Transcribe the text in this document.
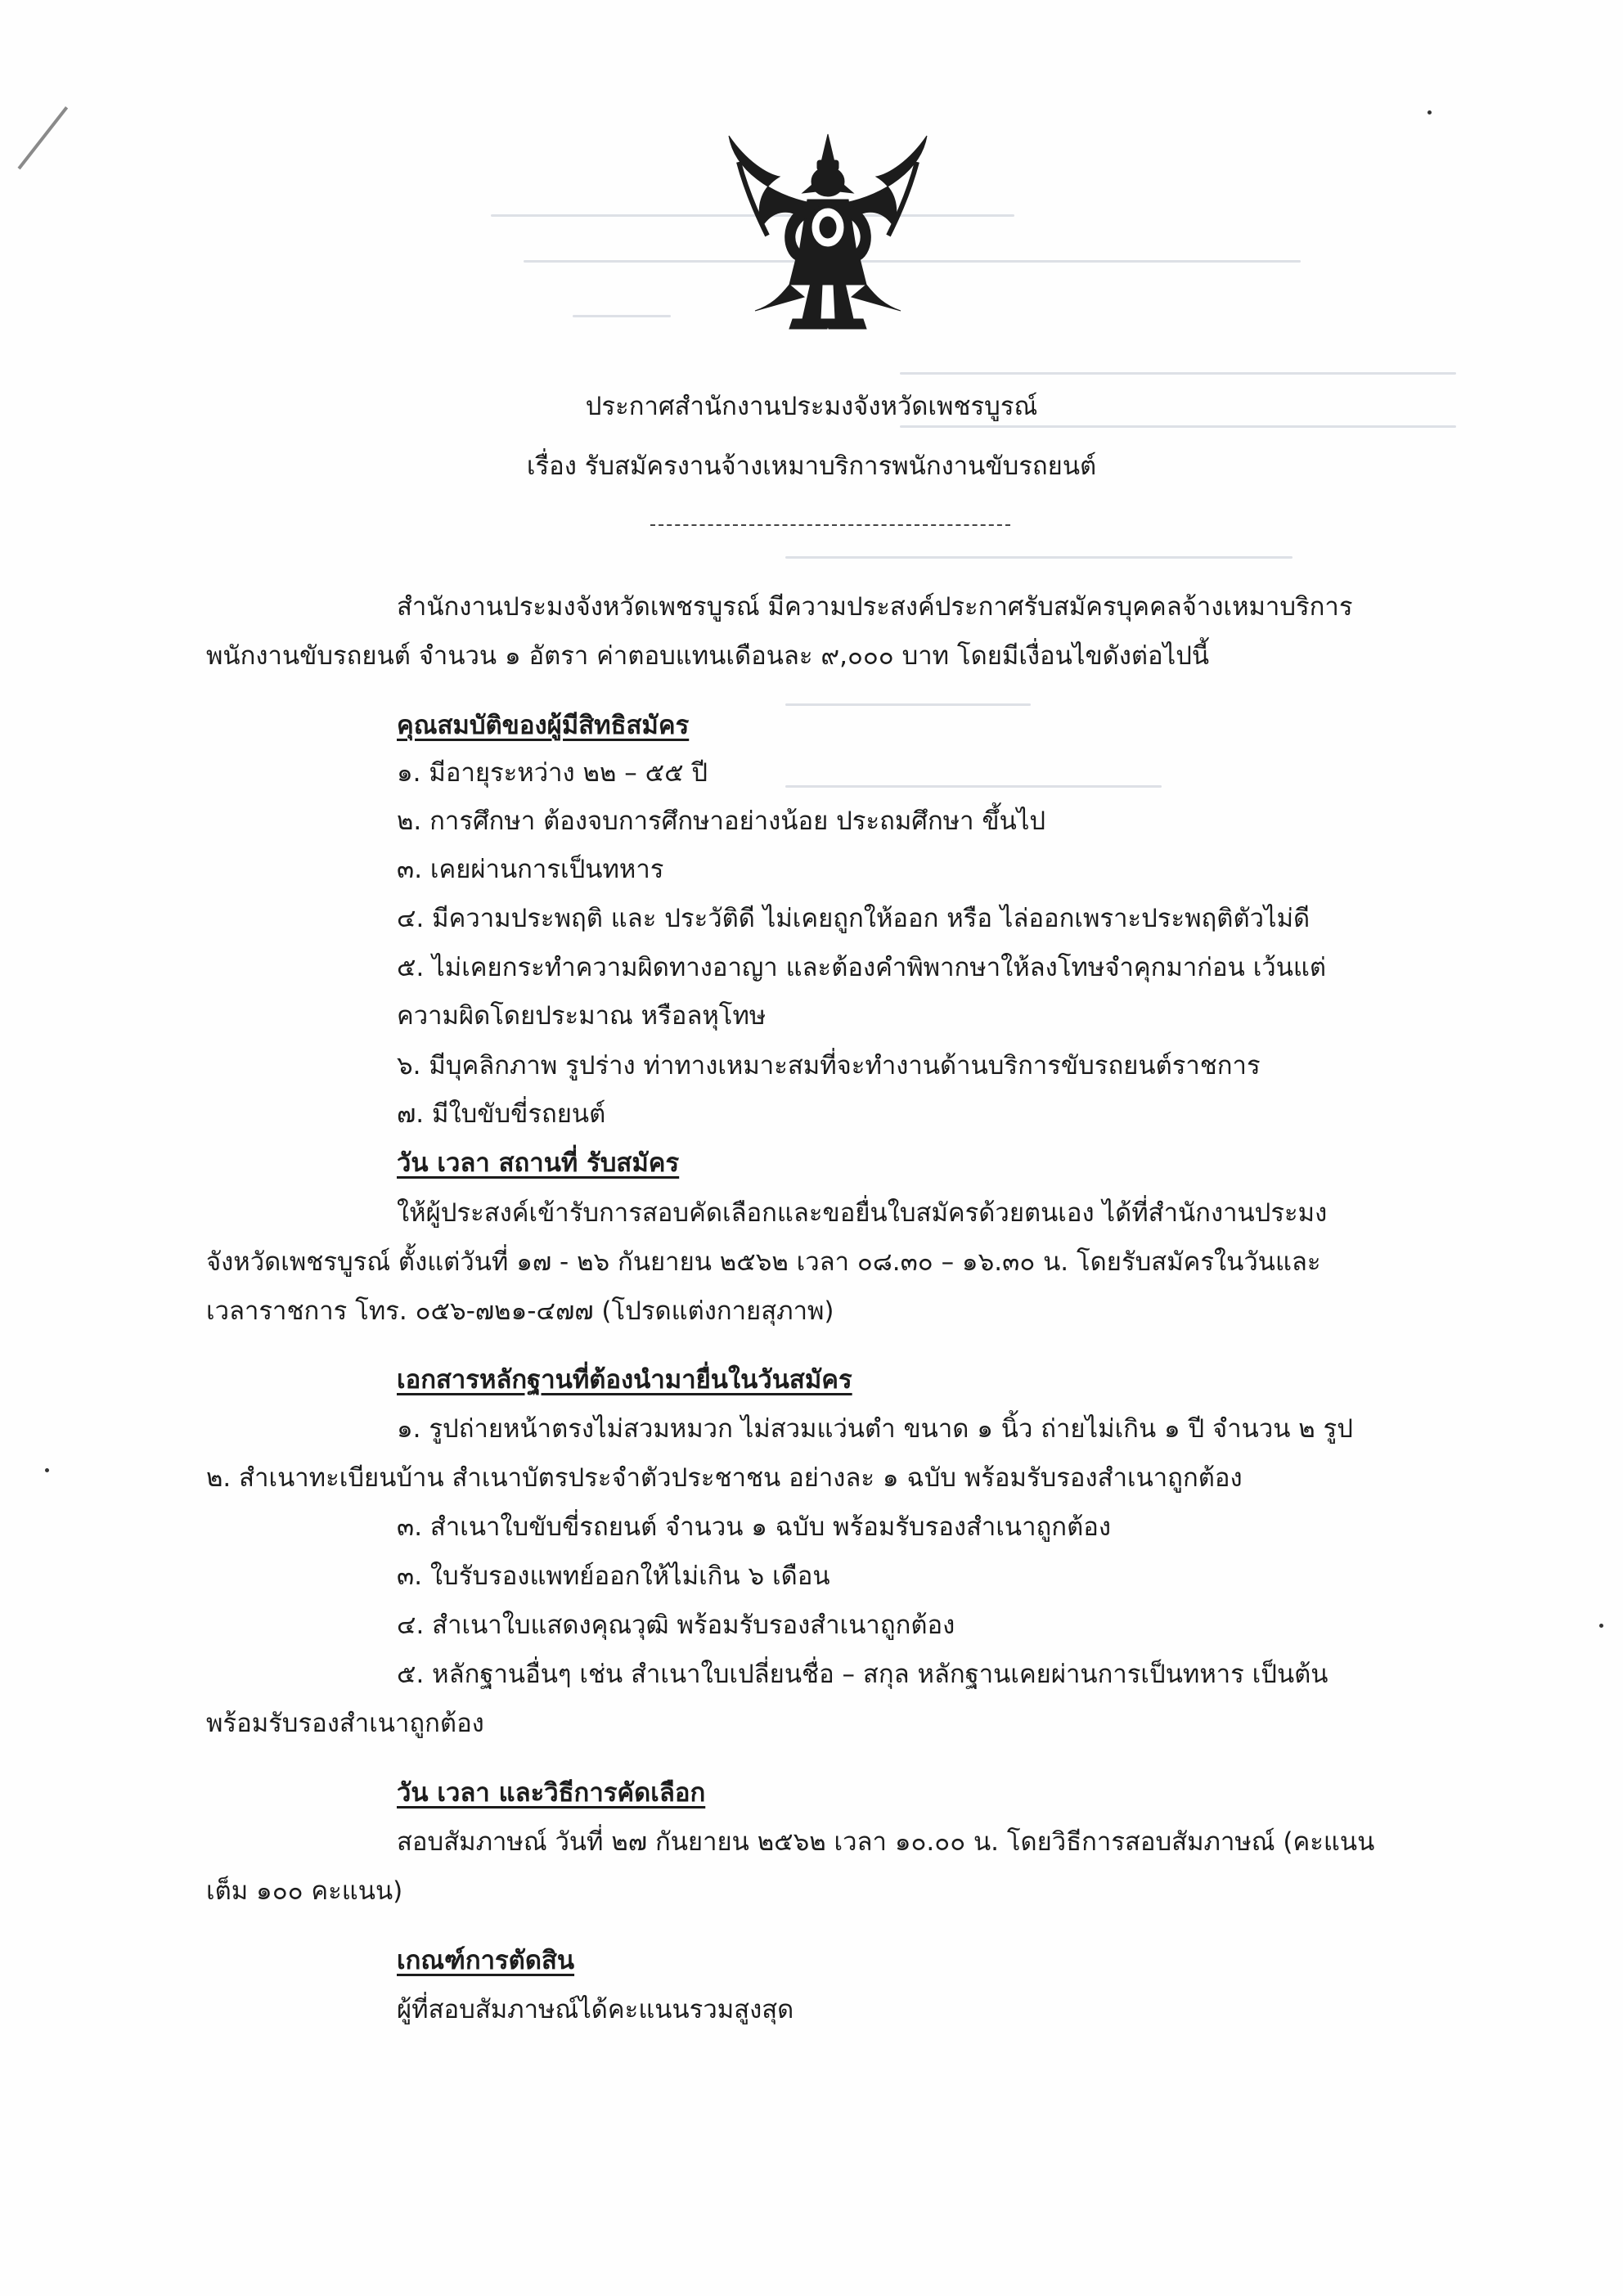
ประกาศสำนักงานประมงจังหวัดเพชรบูรณ์
เรื่อง รับสมัครงานจ้างเหมาบริการพนักงานขับรถยนต์
สำนักงานประมงจังหวัดเพชรบูรณ์ มีความประสงค์ประกาศรับสมัครบุคคลจ้างเหมาบริการ
พนักงานขับรถยนต์ จำนวน ๑ อัตรา ค่าตอบแทนเดือนละ ๙,๐๐๐ บาท โดยมีเงื่อนไขดังต่อไปนี้
คุณสมบัติของผู้มีสิทธิสมัคร
๑. มีอายุระหว่าง ๒๒ – ๕๕ ปี
๒. การศึกษา ต้องจบการศึกษาอย่างน้อย ประถมศึกษา ขึ้นไป
๓. เคยผ่านการเป็นทหาร
๔. มีความประพฤติ และ ประวัติดี ไม่เคยถูกให้ออก หรือ ไล่ออกเพราะประพฤติตัวไม่ดี
๕. ไม่เคยกระทำความผิดทางอาญา และต้องคำพิพากษาให้ลงโทษจำคุกมาก่อน เว้นแต่
ความผิดโดยประมาณ หรือลหุโทษ
๖. มีบุคลิกภาพ รูปร่าง ท่าทางเหมาะสมที่จะทำงานด้านบริการขับรถยนต์ราชการ
๗. มีใบขับขี่รถยนต์
วัน เวลา สถานที่ รับสมัคร
ให้ผู้ประสงค์เข้ารับการสอบคัดเลือกและขอยื่นใบสมัครด้วยตนเอง ได้ที่สำนักงานประมง
จังหวัดเพชรบูรณ์ ตั้งแต่วันที่ ๑๗ - ๒๖ กันยายน ๒๕๖๒ เวลา ๐๘.๓๐ – ๑๖.๓๐ น. โดยรับสมัครในวันและ
เวลาราชการ โทร. ๐๕๖-๗๒๑-๔๗๗ (โปรดแต่งกายสุภาพ)
เอกสารหลักฐานที่ต้องนำมายื่นในวันสมัคร
๑. รูปถ่ายหน้าตรงไม่สวมหมวก ไม่สวมแว่นตำ ขนาด ๑ นิ้ว ถ่ายไม่เกิน ๑ ปี จำนวน ๒ รูป
๒. สำเนาทะเบียนบ้าน สำเนาบัตรประจำตัวประชาชน อย่างละ ๑ ฉบับ พร้อมรับรองสำเนาถูกต้อง
๓. สำเนาใบขับขี่รถยนต์ จำนวน ๑ ฉบับ พร้อมรับรองสำเนาถูกต้อง
๓. ใบรับรองแพทย์ออกให้ไม่เกิน ๖ เดือน
๔. สำเนาใบแสดงคุณวุฒิ พร้อมรับรองสำเนาถูกต้อง
๕. หลักฐานอื่นๆ เช่น สำเนาใบเปลี่ยนชื่อ – สกุล หลักฐานเคยผ่านการเป็นทหาร เป็นต้น
พร้อมรับรองสำเนาถูกต้อง
วัน เวลา และวิธีการคัดเลือก
สอบสัมภาษณ์ วันที่ ๒๗ กันยายน ๒๕๖๒ เวลา ๑๐.๐๐ น. โดยวิธีการสอบสัมภาษณ์ (คะแนน
เต็ม ๑๐๐ คะแนน)
เกณฑ์การตัดสิน
ผู้ที่สอบสัมภาษณ์ได้คะแนนรวมสูงสุด
